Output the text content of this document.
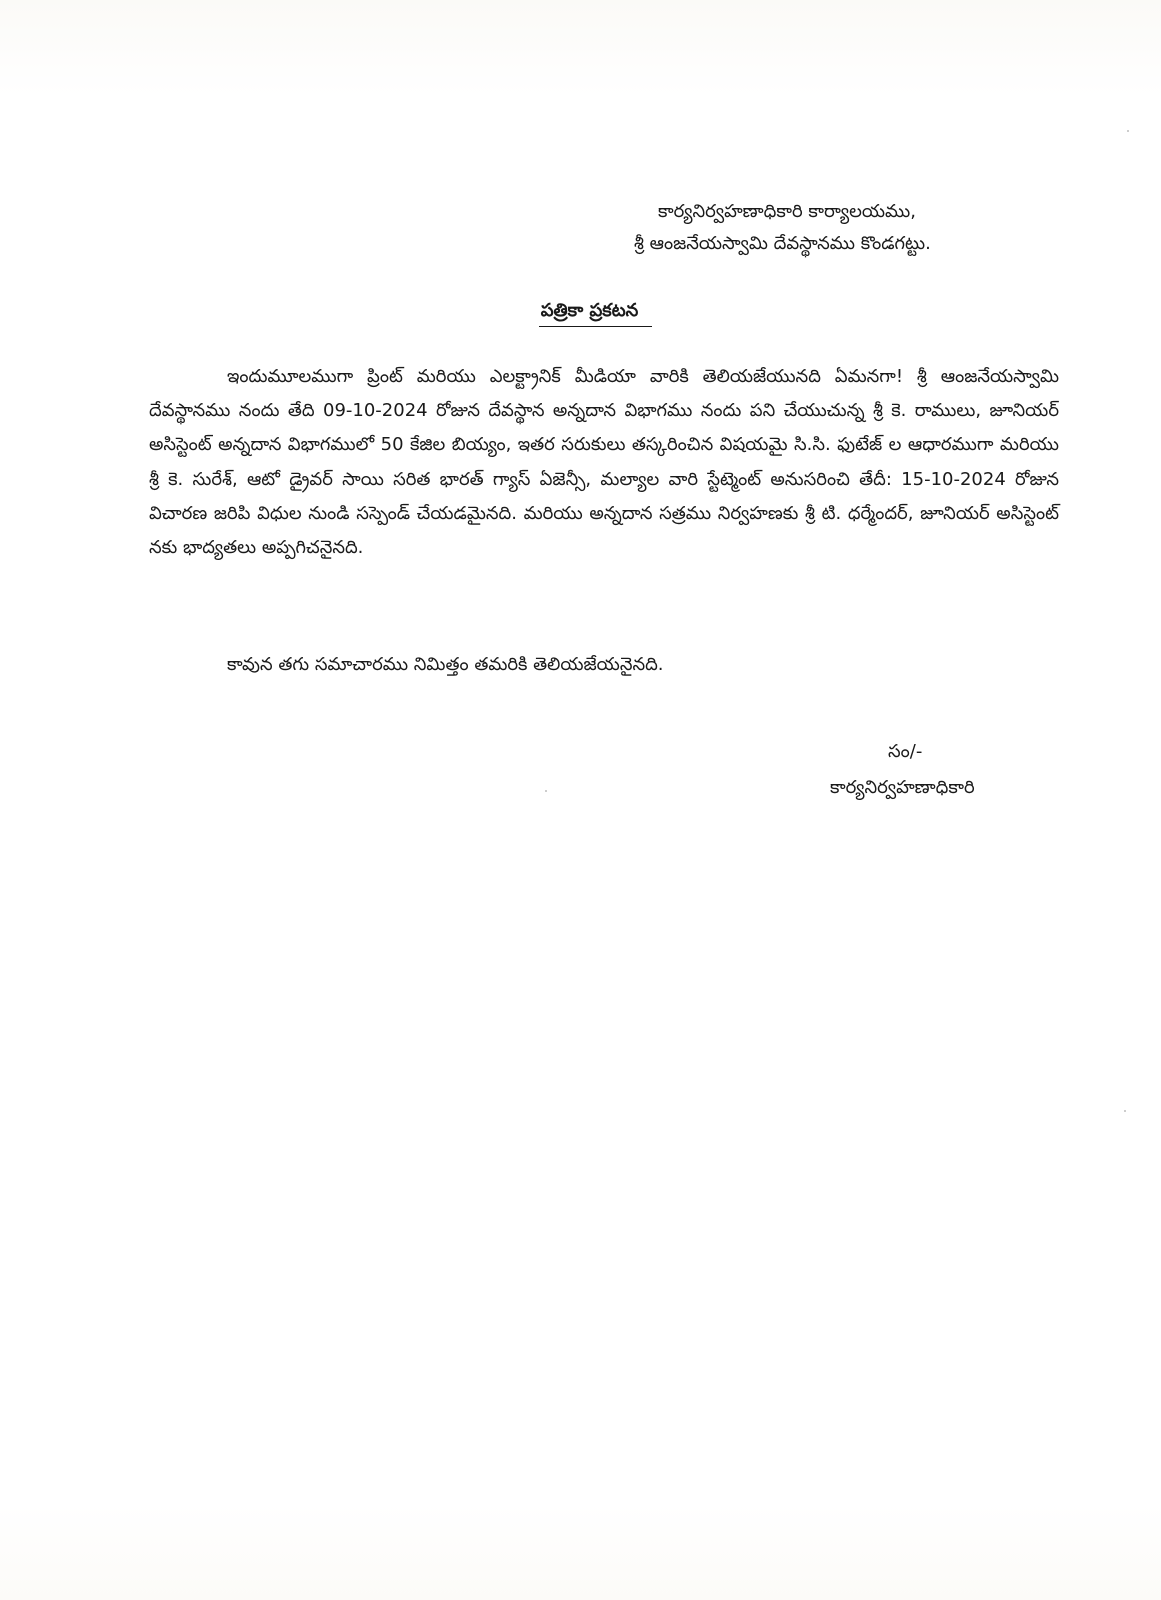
కార్యనిర్వహణాధికారి కార్యాలయము,
శ్రీ ఆంజనేయస్వామి దేవస్థానము కొండగట్టు.
పత్రికా ప్రకటన
ఇందుమూలముగా ప్రింట్ మరియు ఎలక్ట్రానిక్ మీడియా వారికి తెలియజేయునది ఏమనగా! శ్రీ ఆంజనేయస్వామి దేవస్థానము నందు తేది 09-10-2024 రోజున దేవస్థాన అన్నదాన విభాగము నందు పని చేయుచున్న శ్రీ కె. రాములు, జూనియర్ అసిస్టెంట్ అన్నదాన విభాగములో 50 కేజిల బియ్యం, ఇతర సరుకులు తస్కరించిన విషయమై సి.సి. ఫుటేజ్ ల ఆధారముగా మరియు శ్రీ కె. సురేశ్, ఆటో డ్రైవర్ సాయి సరిత భారత్ గ్యాస్ ఏజెన్సీ, మల్యాల వారి స్టేట్మెంట్ అనుసరించి తేదీ: 15-10-2024 రోజున విచారణ జరిపి విధుల నుండి సస్పెండ్ చేయడమైనది. మరియు అన్నదాన సత్రము నిర్వహణకు శ్రీ టి. ధర్మేందర్, జూనియర్ అసిస్టెంట్ నకు భాద్యతలు అప్పగిచనైనది.
కావున తగు సమాచారము నిమిత్తం తమరికి తెలియజేయనైనది.
సం/-
కార్యనిర్వహణాధికారి
